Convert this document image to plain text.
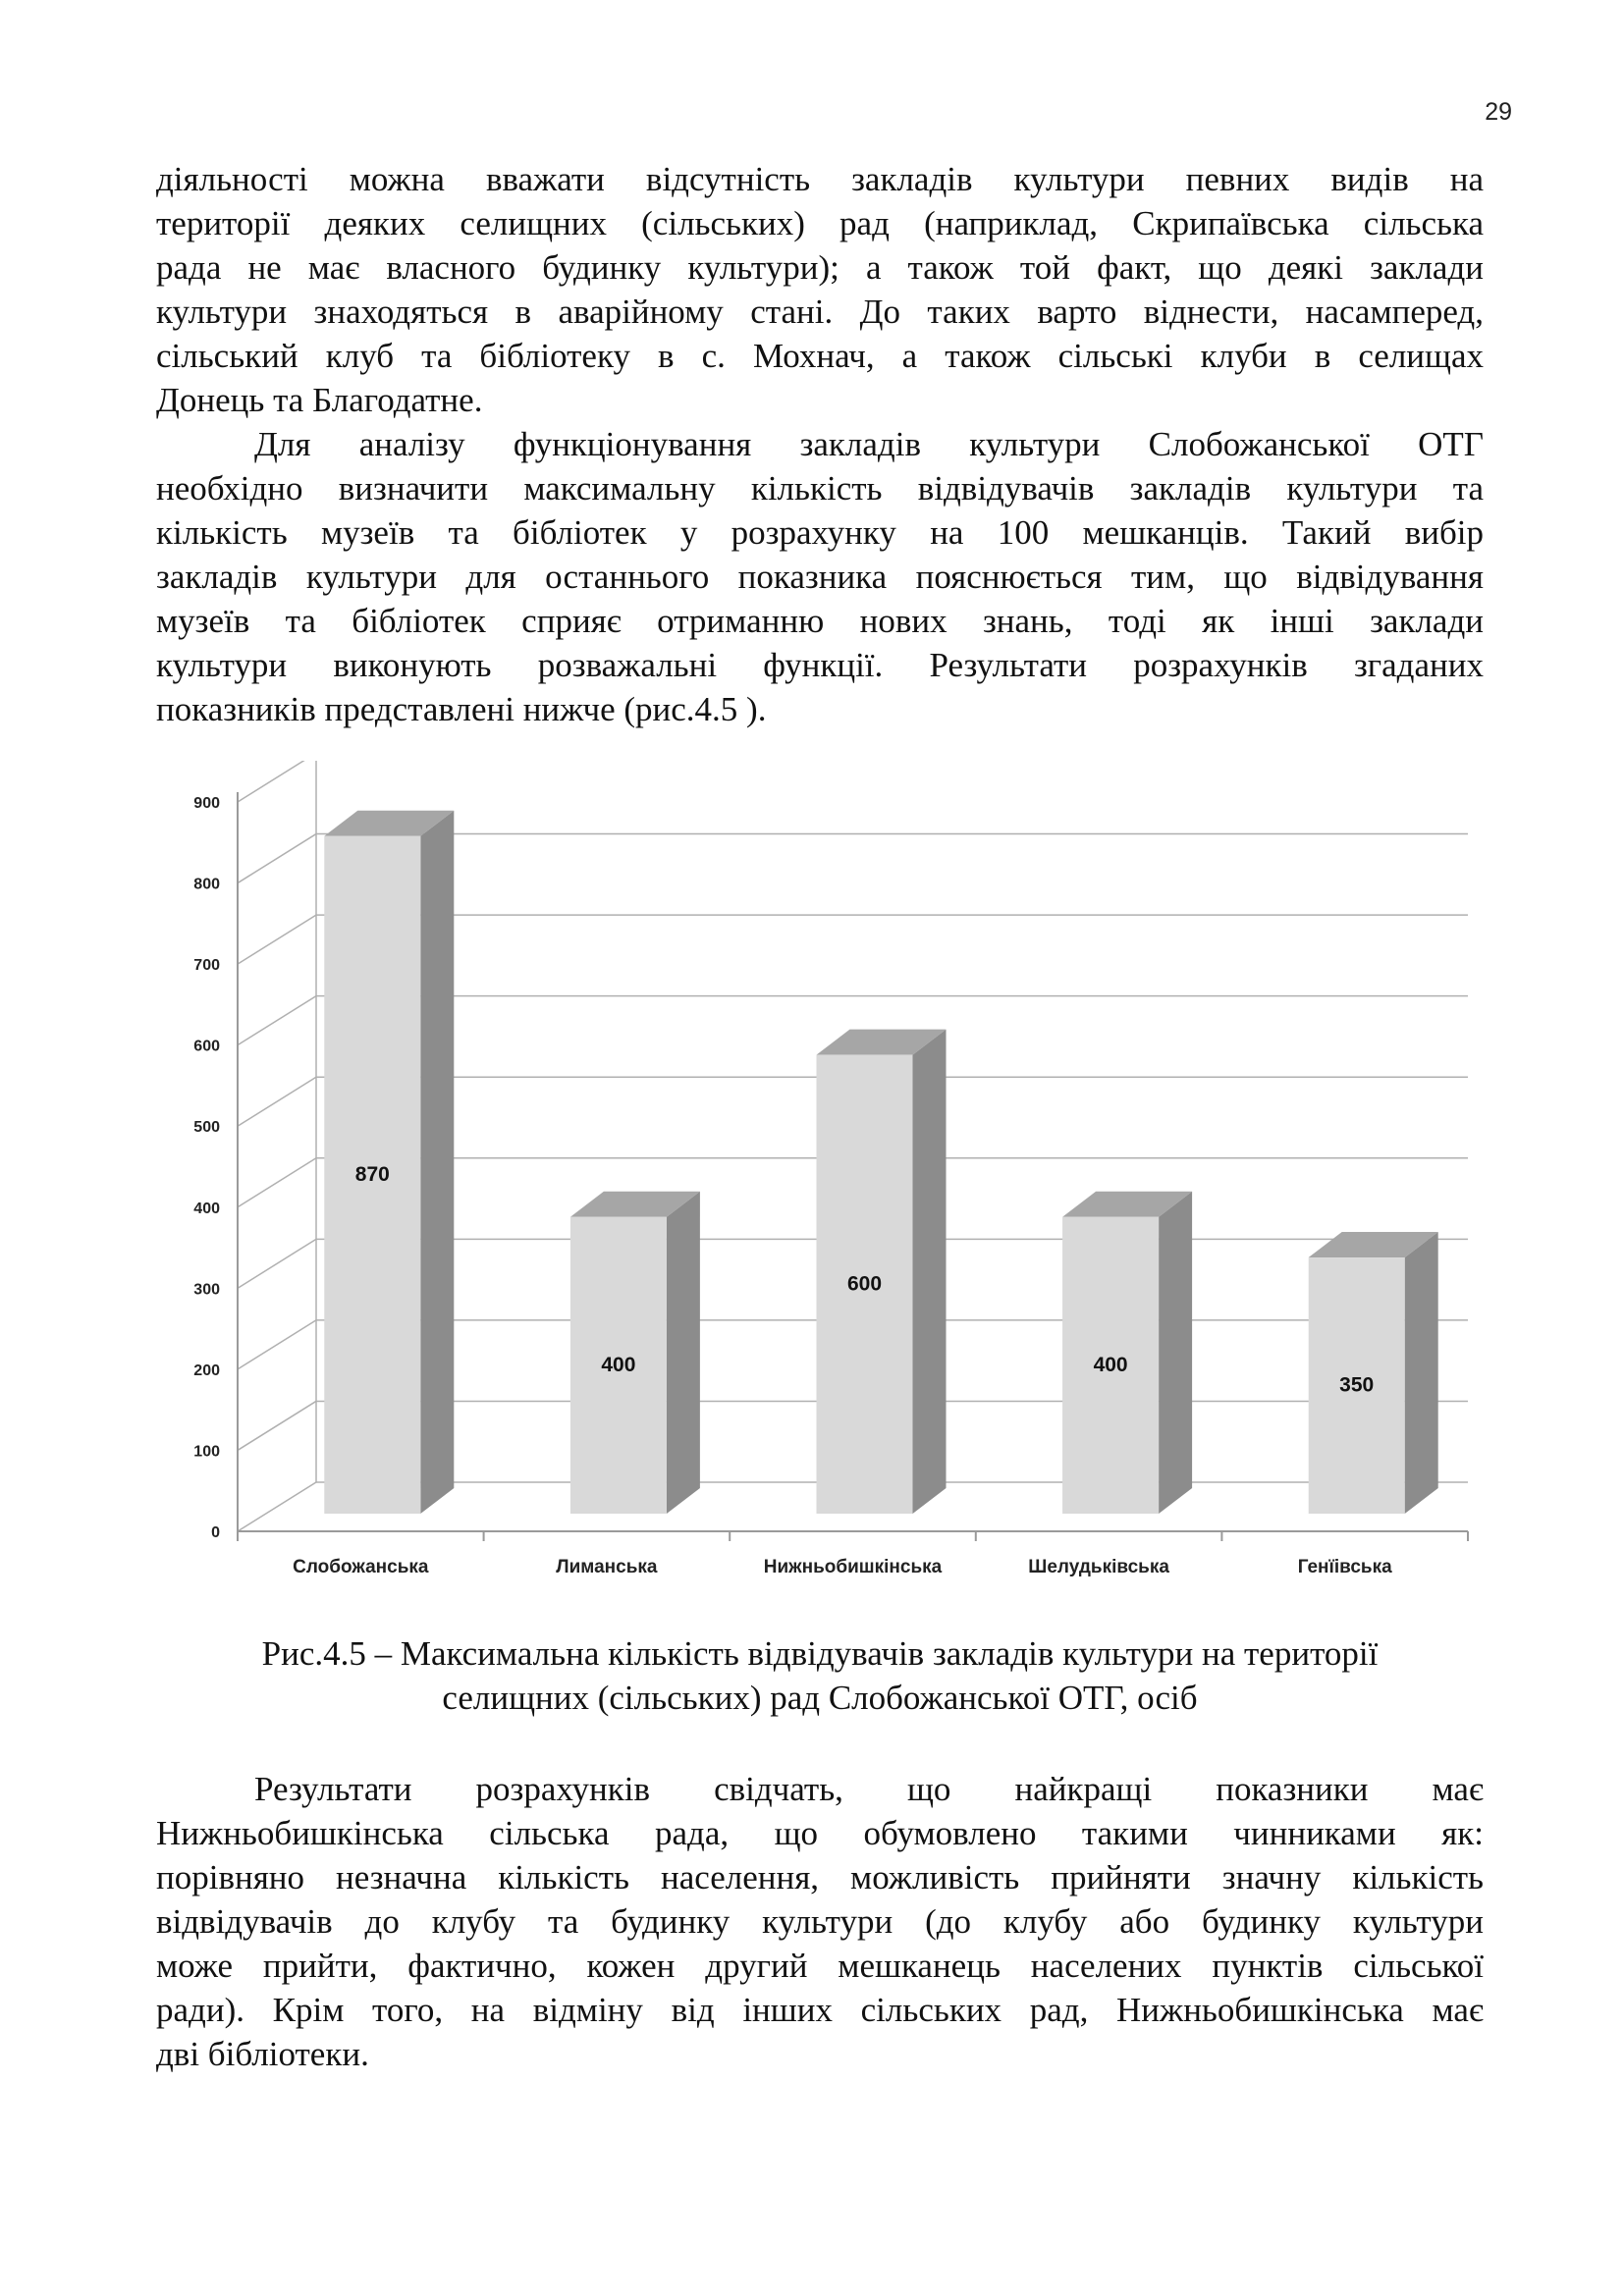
29
діяльності можна вважати відсутність закладів культури певних видів на
території деяких селищних (сільських) рад (наприклад, Скрипаївська сільська
рада не має власного будинку культури); а також той факт, що деякі заклади
культури знаходяться в аварійному стані. До таких варто віднести, насамперед,
сільський клуб та бібліотеку в с. Мохнач, а також сільські клуби в селищах
Донець та Благодатне.
Для аналізу функціонування закладів культури Слобожанської ОТГ
необхідно визначити максимальну кількість відвідувачів закладів культури та
кількість музеїв та бібліотек у розрахунку на 100 мешканців. Такий вибір
закладів культури для останнього показника пояснюється тим, що відвідування
музеїв та бібліотек сприяє отриманню нових знань, тоді як інші заклади
культури виконують розважальні функції. Результати розрахунків згаданих
показників представлені нижче (рис.4.5 ).
0
100
200
300
400
500
600
700
800
900
870
Слобожанська
400
Лиманська
600
Нижньобишкінська
400
Шелудьківська
350
Генїівська
Рис.4.5 – Максимальна кількість відвідувачів закладів культури на території
селищних (сільських) рад Слобожанської ОТГ, осіб
Результати розрахунків свідчать, що найкращі показники має
Нижньобишкінська сільська рада, що обумовлено такими чинниками як:
порівняно незначна кількість населення, можливість прийняти значну кількість
відвідувачів до клубу та будинку культури (до клубу або будинку культури
може прийти, фактично, кожен другий мешканець населених пунктів сільської
ради). Крім того, на відміну від інших сільських рад, Нижньобишкінська має
дві бібліотеки.
